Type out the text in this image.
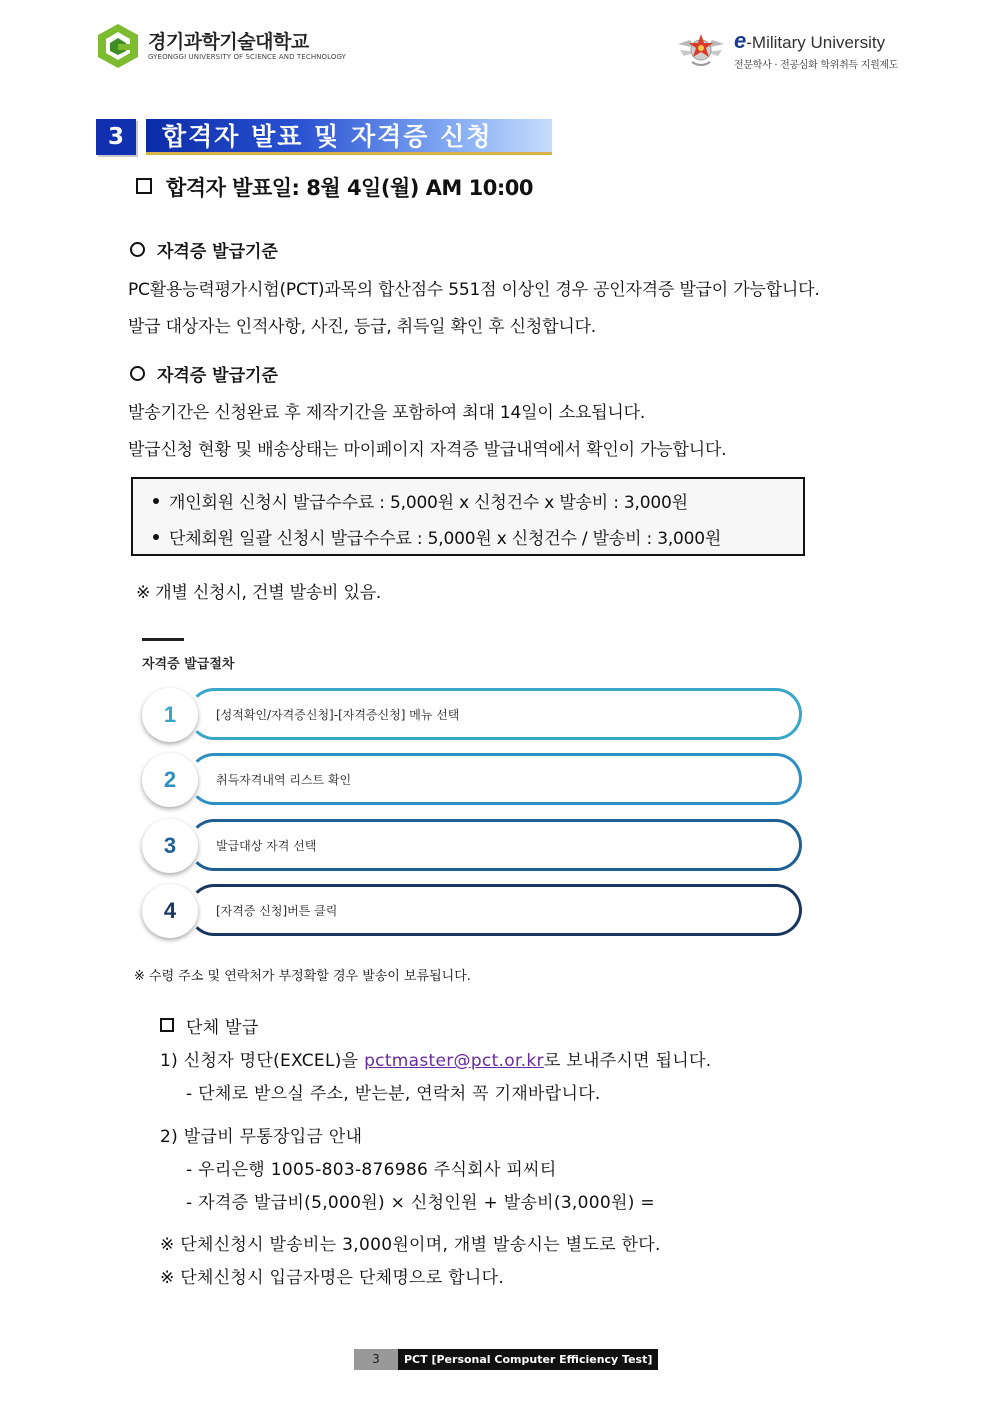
경기과학기술대학교
GYEONGGI UNIVERSITY OF SCIENCE AND TECHNOLOGY
e-Military University
전문학사 · 전공심화 학위취득 지원제도
3	합격자 발표 및 자격증 신청
합격자 발표일: 8월 4일(월) AM 10:00
자격증 발급기준
PC활용능력평가시험(PCT)과목의 합산점수 551점 이상인 경우 공인자격증 발급이 가능합니다.
발급 대상자는 인적사항, 사진, 등급, 취득일 확인 후 신청합니다.
자격증 발급기준
발송기간은 신청완료 후 제작기간을 포함하여 최대 14일이 소요됩니다.
발급신청 현황 및 배송상태는 마이페이지 자격증 발급내역에서 확인이 가능합니다.
개인회원 신청시 발급수수료 : 5,000원 x 신청건수 x 발송비 : 3,000원
단체회원 일괄 신청시 발급수수료 : 5,000원 x 신청건수 / 발송비 : 3,000원
※ 개별 신청시, 건별 발송비 있음.
자격증 발급절차
1	[성적확인/자격증신청]-[자격증신청] 메뉴 선택
2	취득자격내역 리스트 확인
3	발급대상 자격 선택
4	[자격증 신청]버튼 클릭
※ 수령 주소 및 연락처가 부정확할 경우 발송이 보류됩니다.
단체 발급
1) 신청자 명단(EXCEL)을 pctmaster@pct.or.kr로 보내주시면 됩니다.
- 단체로 받으실 주소, 받는분, 연락처 꼭 기재바랍니다.
2) 발급비 무통장입금 안내
- 우리은행 1005-803-876986 주식회사 피씨티
- 자격증 발급비(5,000원) × 신청인원 + 발송비(3,000원) =
※ 단체신청시 발송비는 3,000원이며, 개별 발송시는 별도로 한다.
※ 단체신청시 입금자명은 단체명으로 합니다.
3 PCT [Personal Computer Efficiency Test]
